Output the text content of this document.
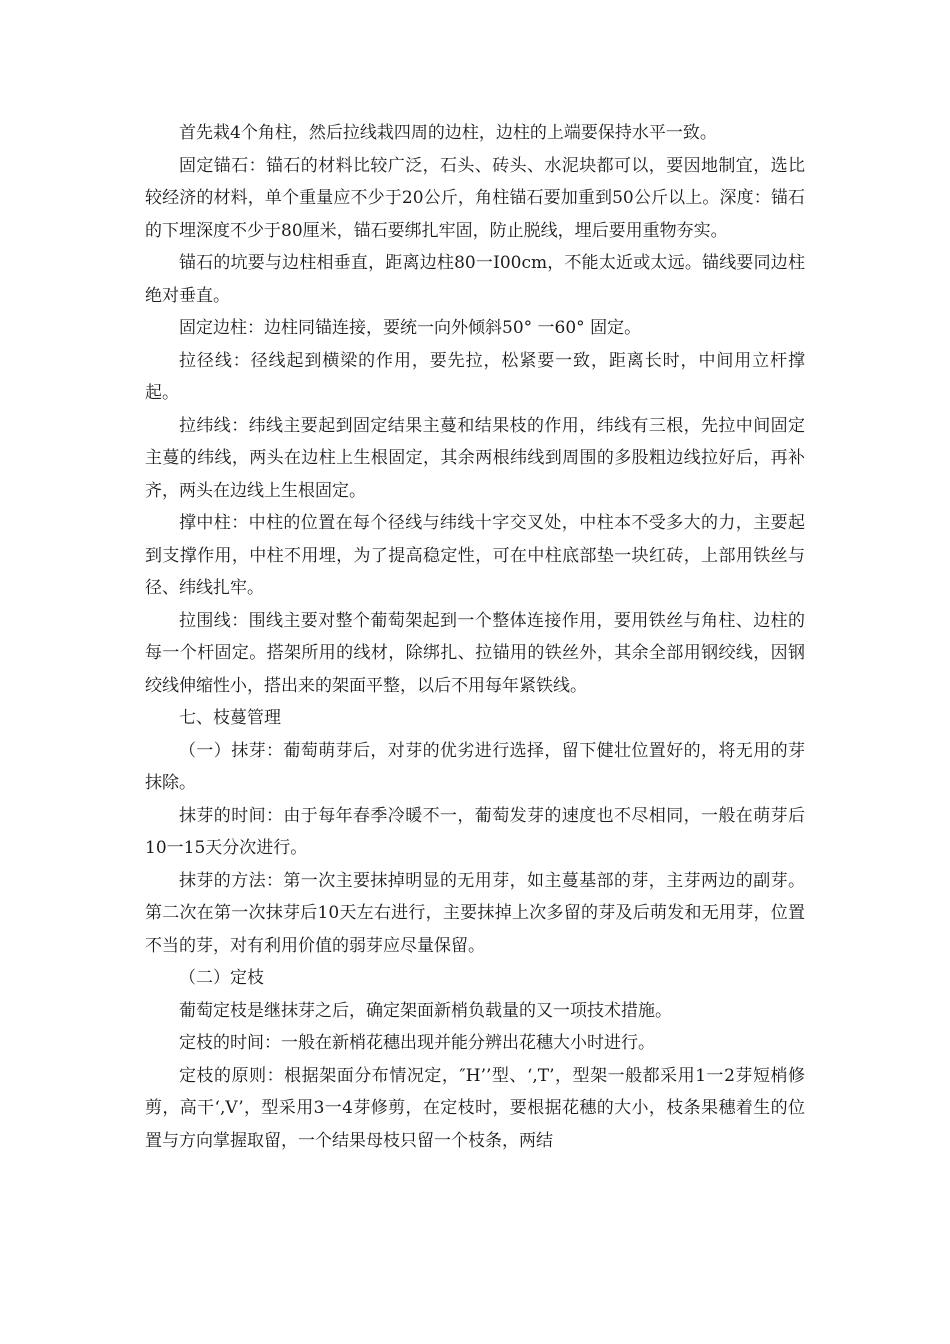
首先栽4个角柱，然后拉线栽四周的边柱，边柱的上端要保持水平一致。

固定锚石：锚石的材料比较广泛，石头、砖头、水泥块都可以，要因地制宜，选比较经济的材料，单个重量应不少于20公斤，角柱锚石要加重到50公斤以上。深度：锚石的下埋深度不少于80厘米，锚石要绑扎牢固，防止脱线，埋后要用重物夯实。

锚石的坑要与边柱相垂直，距离边柱80一I00cm，不能太近或太远。锚线要同边柱绝对垂直。

固定边柱：边柱同锚连接，要统一向外倾斜50° 一60° 固定。

拉径线：径线起到横梁的作用，要先拉，松紧要一致，距离长时，中间用立杆撑起。

拉纬线：纬线主要起到固定结果主蔓和结果枝的作用，纬线有三根，先拉中间固定主蔓的纬线，两头在边柱上生根固定，其余两根纬线到周围的多股粗边线拉好后，再补齐，两头在边线上生根固定。

撑中柱：中柱的位置在每个径线与纬线十字交叉处，中柱本不受多大的力，主要起到支撑作用，中柱不用埋，为了提高稳定性，可在中柱底部垫一块红砖，上部用铁丝与径、纬线扎牢。

拉围线：围线主要对整个葡萄架起到一个整体连接作用，要用铁丝与角柱、边柱的每一个杆固定。搭架所用的线材，除绑扎、拉锚用的铁丝外，其余全部用钢绞线，因钢绞线伸缩性小，搭出来的架面平整，以后不用每年紧铁线。

七、枝蔓管理

（一）抹芽：葡萄萌芽后，对芽的优劣进行选择，留下健壮位置好的，将无用的芽抹除。

抹芽的时间：由于每年春季冷暖不一，葡萄发芽的速度也不尽相同，一般在萌芽后10一15天分次进行。

抹芽的方法：第一次主要抹掉明显的无用芽，如主蔓基部的芽，主芽两边的副芽。第二次在第一次抹芽后10天左右进行，主要抹掉上次多留的芽及后萌发和无用芽，位置不当的芽，对有利用价值的弱芽应尽量保留。

（二）定枝

葡萄定枝是继抹芽之后，确定架面新梢负载量的又一项技术措施。

定枝的时间：一般在新梢花穗出现并能分辨出花穗大小时进行。

定枝的原则：根据架面分布情况定，″H’’型、‘,T’，型架一般都采用1一2芽短梢修剪，高干‘,V’，型采用3一4芽修剪，在定枝时，要根据花穗的大小，枝条果穗着生的位置与方向掌握取留，一个结果母枝只留一个枝条，两结
